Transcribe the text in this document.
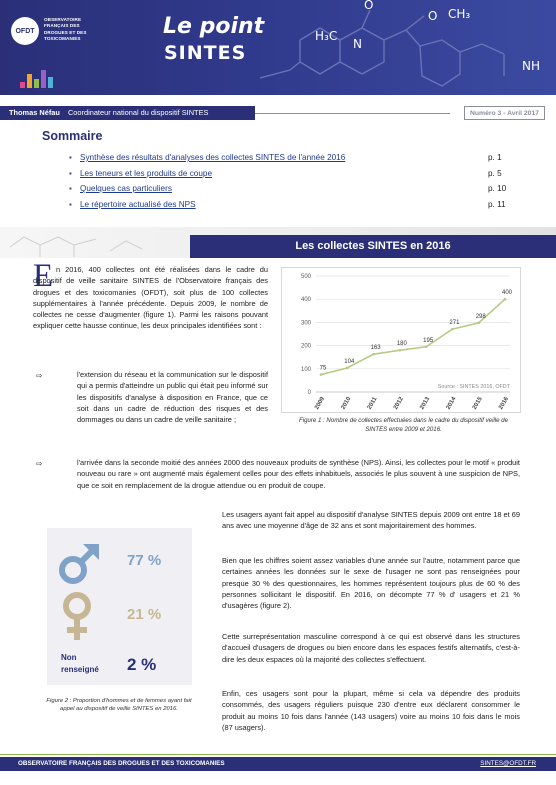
O
H₃C
N
O CH₃
NH
OFDT
OBSERVATOIRE
FRANÇAIS DES
DROGUES ET DES
TOXICOMANIES	Le point
SINTES
Thomas Néfau Coordinateur national du dispositif SINTES	Numéro 3 - Avril 2017
Sommaire
▪ Synthèse des résultats d'analyses des collectes SINTES de l'année 2016	p. 1
▪ Les teneurs et les produits de coupe	p. 5
▪ Quelques cas particuliers	p. 10
▪ Le répertoire actualisé des NPS	p. 11
Les collectes SINTES en 2016
E n 2016, 400 collectes ont été réalisées dans le cadre du dispositif de veille sanitaire SINTES de l'Observatoire français des drogues et des toxicomanies (OFDT), soit plus de 100 collectes supplémentaires à l'année précédente. Depuis 2009, le nombre de collectes ne cesse d'augmenter (figure 1). Parmi les raisons pouvant expliquer cette hausse continue, les deux principales identifiées sont :
⇨	l'extension du réseau et la communication sur le dispositif qui a permis d'atteindre un public qui était peu informé sur les dispositifs d'analyse à disposition en France, que ce soit dans un cadre de réduction des risques et des dommages ou dans un cadre de veille sanitaire ;
⇨	l'arrivée dans la seconde moitié des années 2000 des nouveaux produits de synthèse (NPS). Ainsi, les collectes pour le motif « produit nouveau ou rare » ont augmenté mais également celles pour des effets inhabituels, associés le plus souvent à une suspicion de NPS, que ce soit en remplacement de la drogue attendue ou en produit de coupe.
Les usagers ayant fait appel au dispositif d'analyse SINTES depuis 2009 ont entre 18 et 69 ans avec une moyenne d'âge de 32 ans et sont majoritairement des hommes.
Bien que les chiffres soient assez variables d'une année sur l'autre, notamment parce que certaines années les données sur le sexe de l'usager ne sont pas renseignées pour presque 30 % des questionnaires, les hommes représentent toujours plus de 60 % des personnes sollicitant le dispositif. En 2016, on décompte 77 % d' usagers et 21 % d'usagères (figure 2).
Cette surreprésentation masculine correspond à ce qui est observé dans les structures d'accueil d'usagers de drogues ou bien encore dans les espaces festifs alternatifs, c'est-à-dire les deux espaces où la majorité des collectes s'effectuent.
Enfin, ces usagers sont pour la plupart, même si cela va dépendre des produits consommés, des usagers réguliers puisque 230 d'entre eux déclarent consommer le produit au moins 10 fois dans l'année (143 usagers) voire au moins 10 fois dans le mois (87 usagers).
0
100
200
300
400
500
2009 2010 2011 2012 2013 2014 2015 2016
75
104
163
180
195
271
298
400
Source : SINTES 2016, OFDT
Figure 1 : Nombre de collectes effectuées dans le cadre du dispositif veille de SINTES entre 2009 et 2016.
77 %
21 %
Non
renseigné 2 %
Figure 2 : Proportion d'hommes et de femmes ayant fait appel au dispositif de veille SINTES en 2016.
OBSERVATOIRE FRANÇAIS DES DROGUES ET DES TOXICOMANIES	SINTES@OFDT.FR
